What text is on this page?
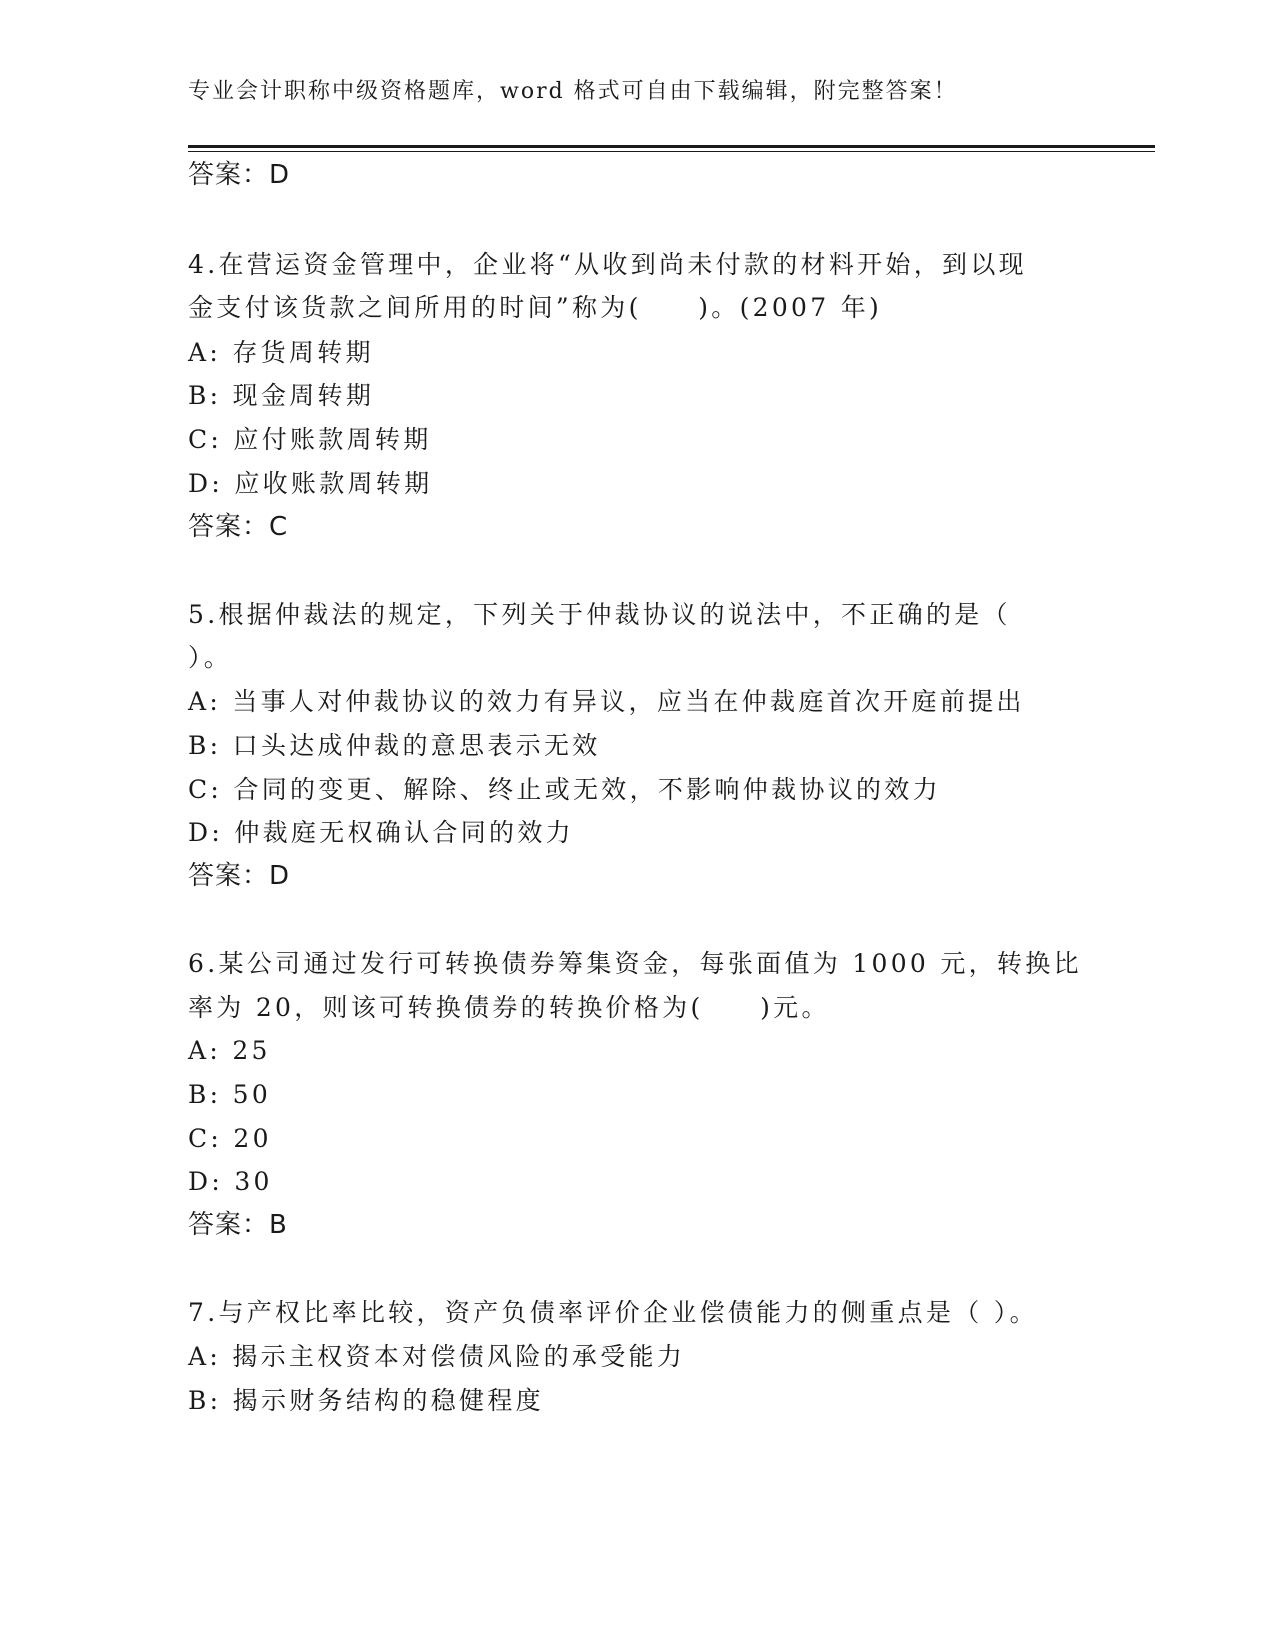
专业会计职称中级资格题库，word 格式可自由下载编辑，附完整答案！
答案：D
4.在营运资金管理中，企业将“从收到尚未付款的材料开始，到以现
金支付该货款之间所用的时间”称为(　　)。(2007 年)
A: 存货周转期
B: 现金周转期
C: 应付账款周转期
D: 应收账款周转期
答案：C
5.根据仲裁法的规定，下列关于仲裁协议的说法中，不正确的是（
）。
A: 当事人对仲裁协议的效力有异议，应当在仲裁庭首次开庭前提出
B: 口头达成仲裁的意思表示无效
C: 合同的变更、解除、终止或无效，不影响仲裁协议的效力
D: 仲裁庭无权确认合同的效力
答案：D
6.某公司通过发行可转换债券筹集资金，每张面值为 1000 元，转换比
率为 20，则该可转换债券的转换价格为(　　)元。
A: 25
B: 50
C: 20
D: 30
答案：B
7.与产权比率比较，资产负债率评价企业偿债能力的侧重点是（ ）。
A: 揭示主权资本对偿债风险的承受能力
B: 揭示财务结构的稳健程度
